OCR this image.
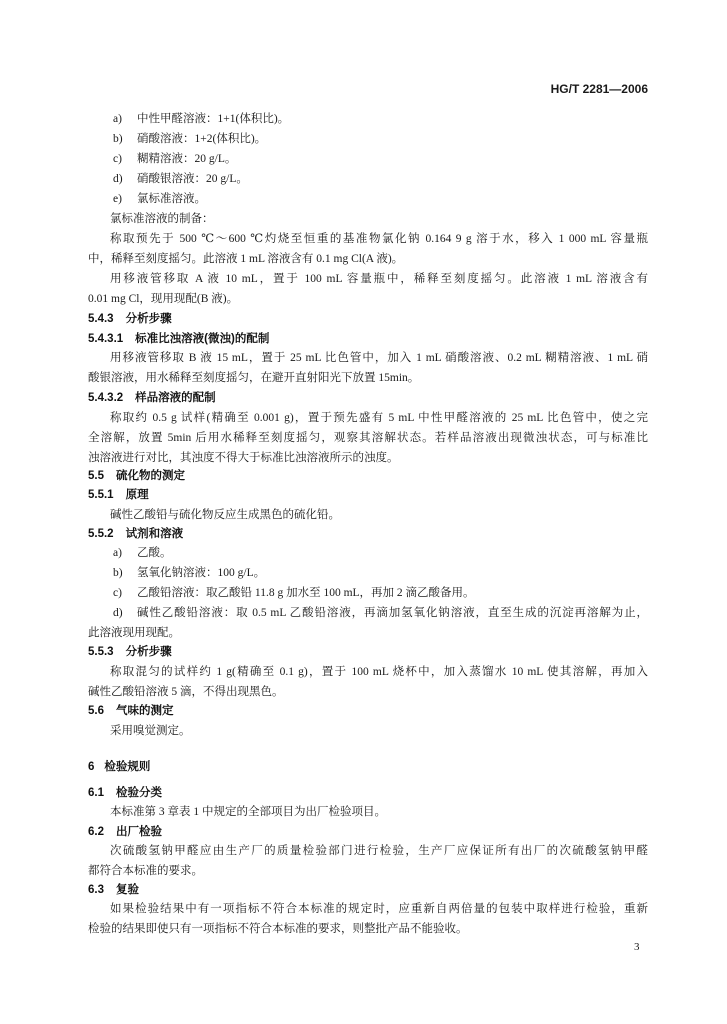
HG/T 2281—2006
a) 中性甲醛溶液：1+1(体积比)。
b) 硝酸溶液：1+2(体积比)。
c) 糊精溶液：20 g/L。
d) 硝酸银溶液：20 g/L。
e) 氯标准溶液。
氯标准溶液的制备：
称取预先于 500 ℃～600 ℃灼烧至恒重的基准物氯化钠 0.164 9 g 溶于水，移入 1 000 mL 容量瓶
中，稀释至刻度摇匀。此溶液 1 mL 溶液含有 0.1 mg Cl(A 液)。
用移液管移取 A 液 10 mL，置于 100 mL 容量瓶中，稀释至刻度摇匀。此溶液 1 mL 溶液含有
0.01 mg Cl，现用现配(B 液)。
5.4.3 分析步骤
5.4.3.1 标准比浊溶液(微浊)的配制
用移液管移取 B 液 15 mL，置于 25 mL 比色管中，加入 1 mL 硝酸溶液、0.2 mL 糊精溶液、1 mL 硝
酸银溶液，用水稀释至刻度摇匀，在避开直射阳光下放置 15min。
5.4.3.2 样品溶液的配制
称取约 0.5 g 试样(精确至 0.001 g)，置于预先盛有 5 mL 中性甲醛溶液的 25 mL 比色管中，使之完
全溶解，放置 5min 后用水稀释至刻度摇匀，观察其溶解状态。若样品溶液出现微浊状态，可与标准比
浊溶液进行对比，其浊度不得大于标准比浊溶液所示的浊度。
5.5 硫化物的测定
5.5.1 原理
碱性乙酸铅与硫化物反应生成黑色的硫化铅。
5.5.2 试剂和溶液
a) 乙酸。
b) 氢氧化钠溶液：100 g/L。
c) 乙酸铅溶液：取乙酸铅 11.8 g 加水至 100 mL，再加 2 滴乙酸备用。
d) 碱性乙酸铅溶液：取 0.5 mL 乙酸铅溶液，再滴加氢氧化钠溶液，直至生成的沉淀再溶解为止，
此溶液现用现配。
5.5.3 分析步骤
称取混匀的试样约 1 g(精确至 0.1 g)，置于 100 mL 烧杯中，加入蒸馏水 10 mL 使其溶解，再加入
碱性乙酸铅溶液 5 滴，不得出现黑色。
5.6 气味的测定
采用嗅觉测定。
6 检验规则
6.1 检验分类
本标准第 3 章表 1 中规定的全部项目为出厂检验项目。
6.2 出厂检验
次硫酸氢钠甲醛应由生产厂的质量检验部门进行检验，生产厂应保证所有出厂的次硫酸氢钠甲醛
都符合本标准的要求。
6.3 复验
如果检验结果中有一项指标不符合本标准的规定时，应重新自两倍量的包装中取样进行检验，重新
检验的结果即使只有一项指标不符合本标准的要求，则整批产品不能验收。
3
